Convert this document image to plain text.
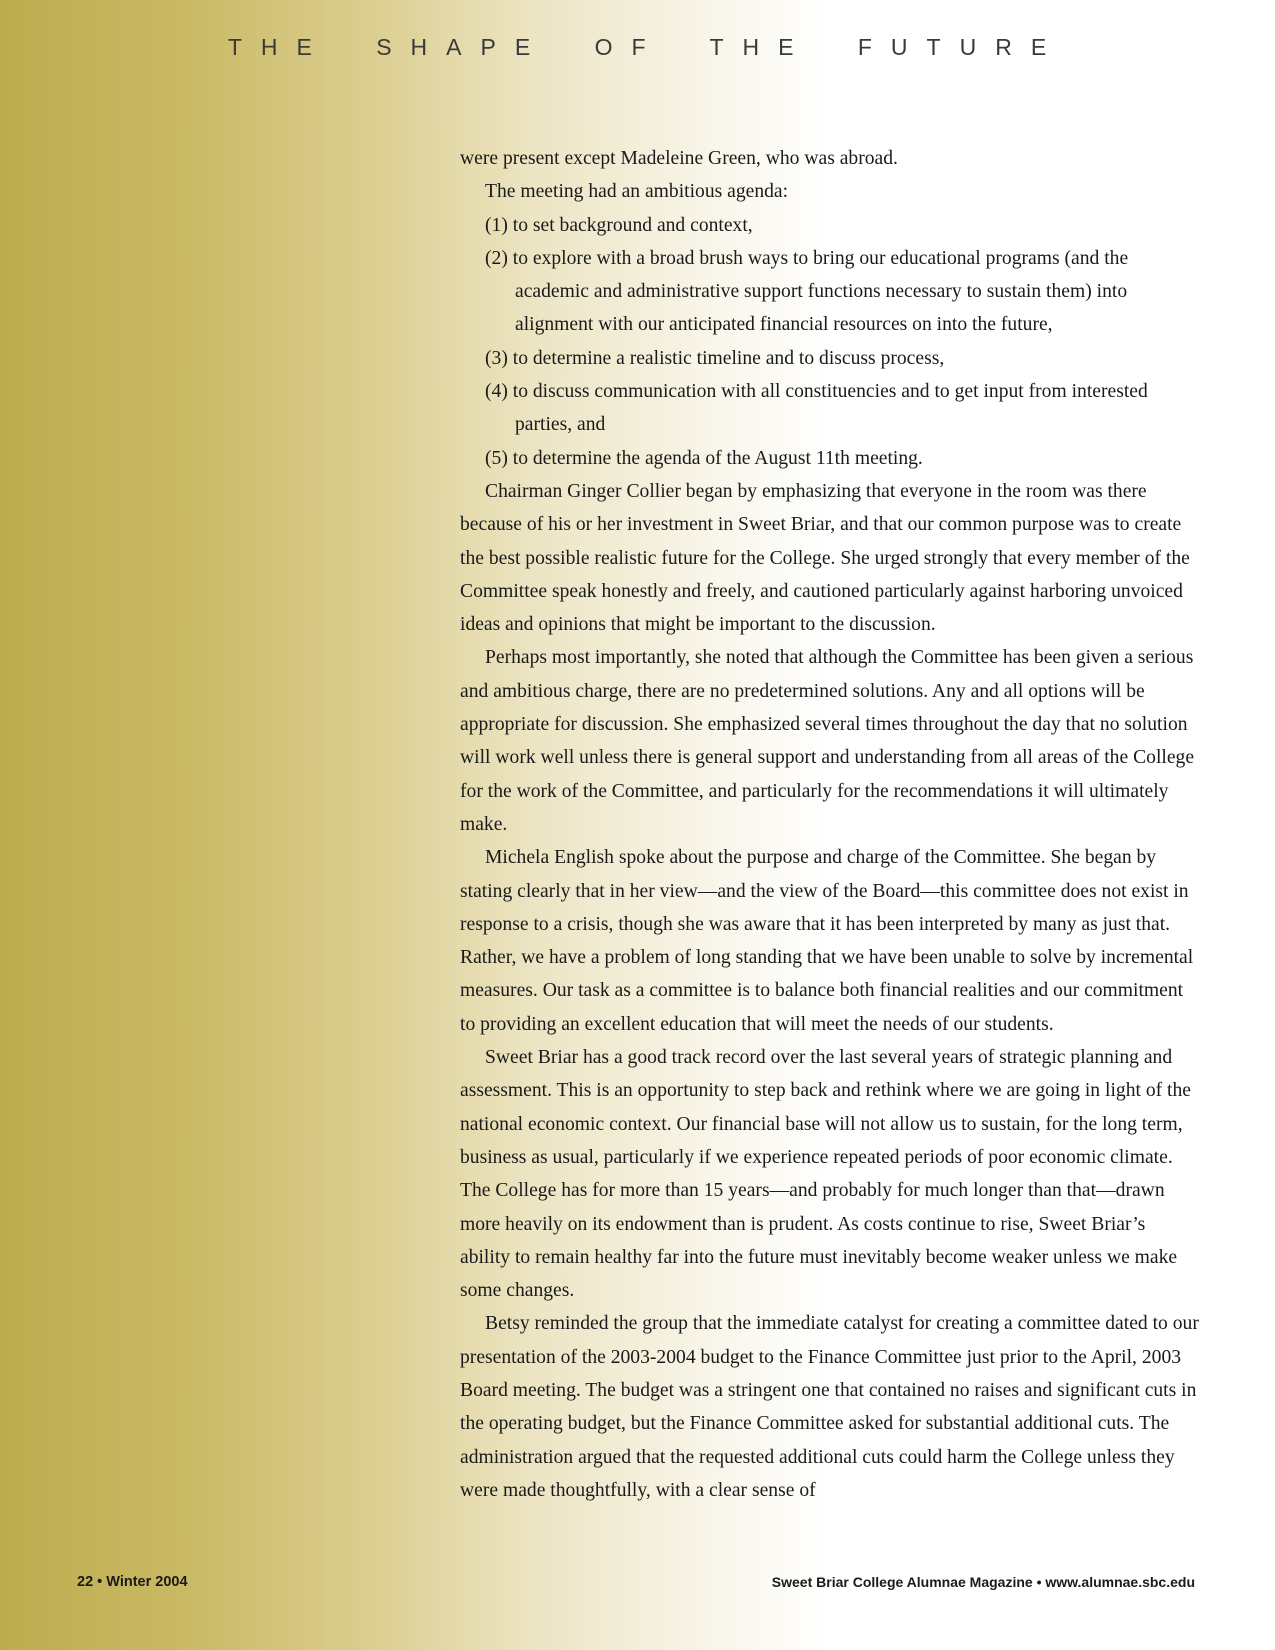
THE SHAPE OF THE FUTURE

were present except Madeleine Green, who was abroad.

The meeting had an ambitious agenda:

(1) to set background and context,
(2) to explore with a broad brush ways to bring our educational programs (and the academic and administrative support functions necessary to sustain them) into alignment with our anticipated financial resources on into the future,
(3) to determine a realistic timeline and to discuss process,
(4) to discuss communication with all constituencies and to get input from interested parties, and
(5) to determine the agenda of the August 11th meeting.

Chairman Ginger Collier began by emphasizing that everyone in the room was there because of his or her investment in Sweet Briar, and that our common purpose was to create the best possible realistic future for the College. She urged strongly that every member of the Committee speak honestly and freely, and cautioned particularly against harboring unvoiced ideas and opinions that might be important to the discussion.

Perhaps most importantly, she noted that although the Committee has been given a serious and ambitious charge, there are no predetermined solutions. Any and all options will be appropriate for discussion. She emphasized several times throughout the day that no solution will work well unless there is general support and understanding from all areas of the College for the work of the Committee, and particularly for the recommendations it will ultimately make.

Michela English spoke about the purpose and charge of the Committee. She began by stating clearly that in her view—and the view of the Board—this committee does not exist in response to a crisis, though she was aware that it has been interpreted by many as just that. Rather, we have a problem of long standing that we have been unable to solve by incremental measures. Our task as a committee is to balance both financial realities and our commitment to providing an excellent education that will meet the needs of our students.

Sweet Briar has a good track record over the last several years of strategic planning and assessment. This is an opportunity to step back and rethink where we are going in light of the national economic context. Our financial base will not allow us to sustain, for the long term, business as usual, particularly if we experience repeated periods of poor economic climate. The College has for more than 15 years—and probably for much longer than that—drawn more heavily on its endowment than is prudent. As costs continue to rise, Sweet Briar’s ability to remain healthy far into the future must inevitably become weaker unless we make some changes.

Betsy reminded the group that the immediate catalyst for creating a committee dated to our presentation of the 2003-2004 budget to the Finance Committee just prior to the April, 2003 Board meeting. The budget was a stringent one that contained no raises and significant cuts in the operating budget, but the Finance Committee asked for substantial additional cuts. The administration argued that the requested additional cuts could harm the College unless they were made thoughtfully, with a clear sense of

22 • Winter 2004	Sweet Briar College Alumnae Magazine • www.alumnae.sbc.edu
